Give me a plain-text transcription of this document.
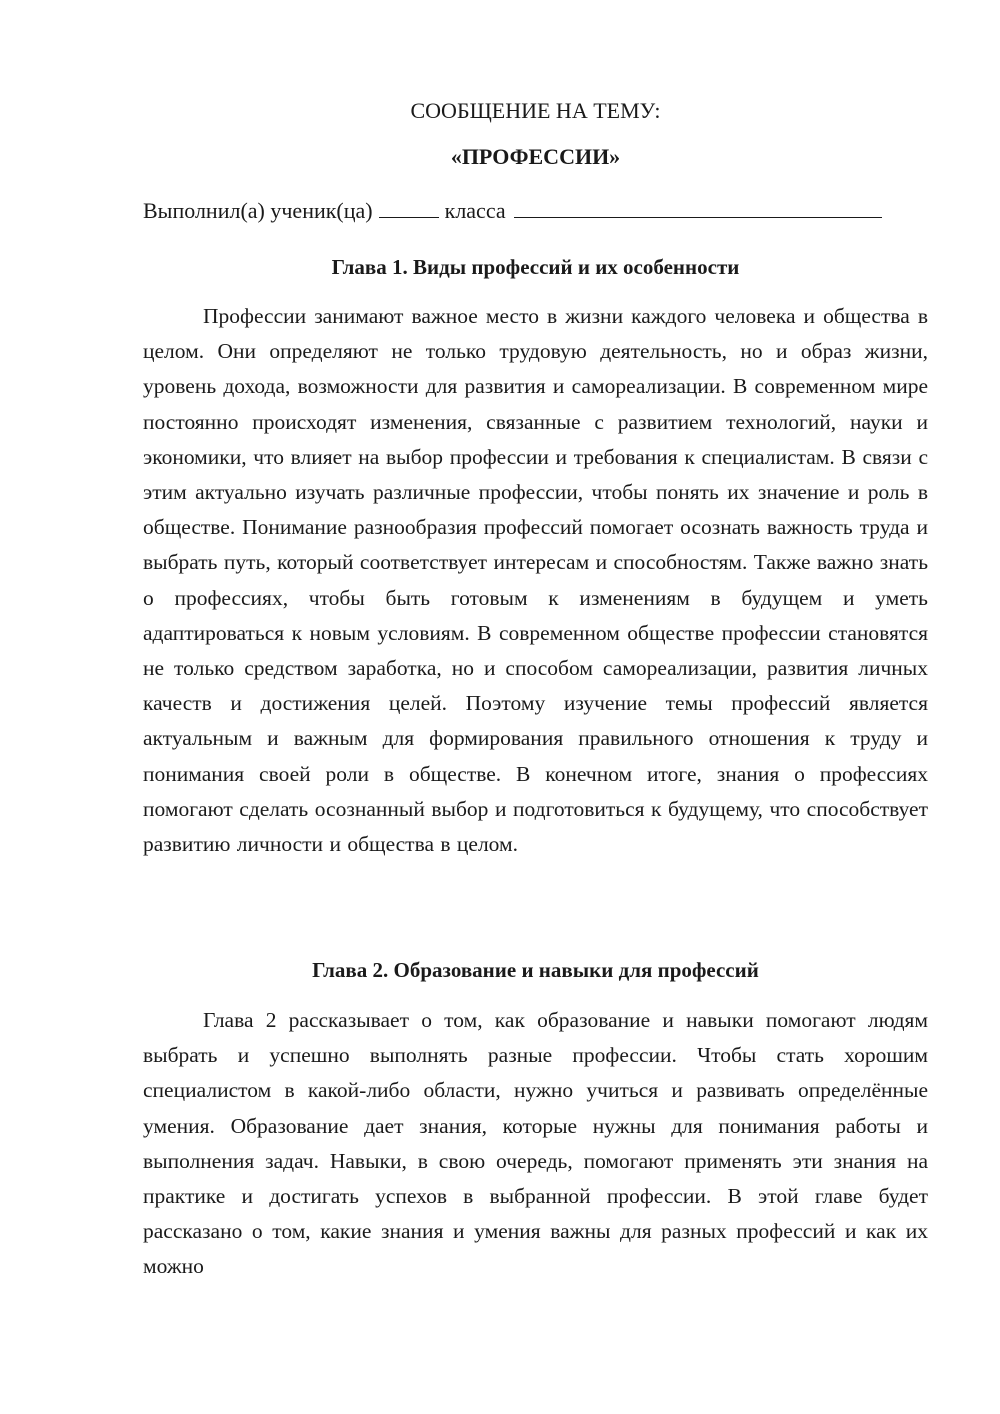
СООБЩЕНИЕ НА ТЕМУ:

«ПРОФЕССИИ»

Выполнил(а) ученик(ца)	класса

Глава 1. Виды профессий и их особенности

Профессии занимают важное место в жизни каждого человека и общества в целом. Они определяют не только трудовую деятельность, но и образ жизни, уровень дохода, возможности для развития и самореализации. В современном мире постоянно происходят изменения, связанные с развитием технологий, науки и экономики, что влияет на выбор профессии и требования к специалистам. В связи с этим актуально изучать различные профессии, чтобы понять их значение и роль в обществе. Понимание разнообразия профессий помогает осознать важность труда и выбрать путь, который соответствует интересам и способностям. Также важно знать о профессиях, чтобы быть готовым к изменениям в будущем и уметь адаптироваться к новым условиям. В современном обществе профессии становятся не только средством заработка, но и способом самореализации, развития личных качеств и достижения целей. Поэтому изучение темы профессий является актуальным и важным для формирования правильного отношения к труду и понимания своей роли в обществе. В конечном итоге, знания о профессиях помогают сделать осознанный выбор и подготовиться к будущему, что способствует развитию личности и общества в целом.

Глава 2. Образование и навыки для профессий

Глава 2 рассказывает о том, как образование и навыки помогают людям выбрать и успешно выполнять разные профессии. Чтобы стать хорошим специалистом в какой-либо области, нужно учиться и развивать определённые умения. Образование дает знания, которые нужны для понимания работы и выполнения задач. Навыки, в свою очередь, помогают применять эти знания на практике и достигать успехов в выбранной профессии. В этой главе будет рассказано о том, какие знания и умения важны для разных профессий и как их можно
